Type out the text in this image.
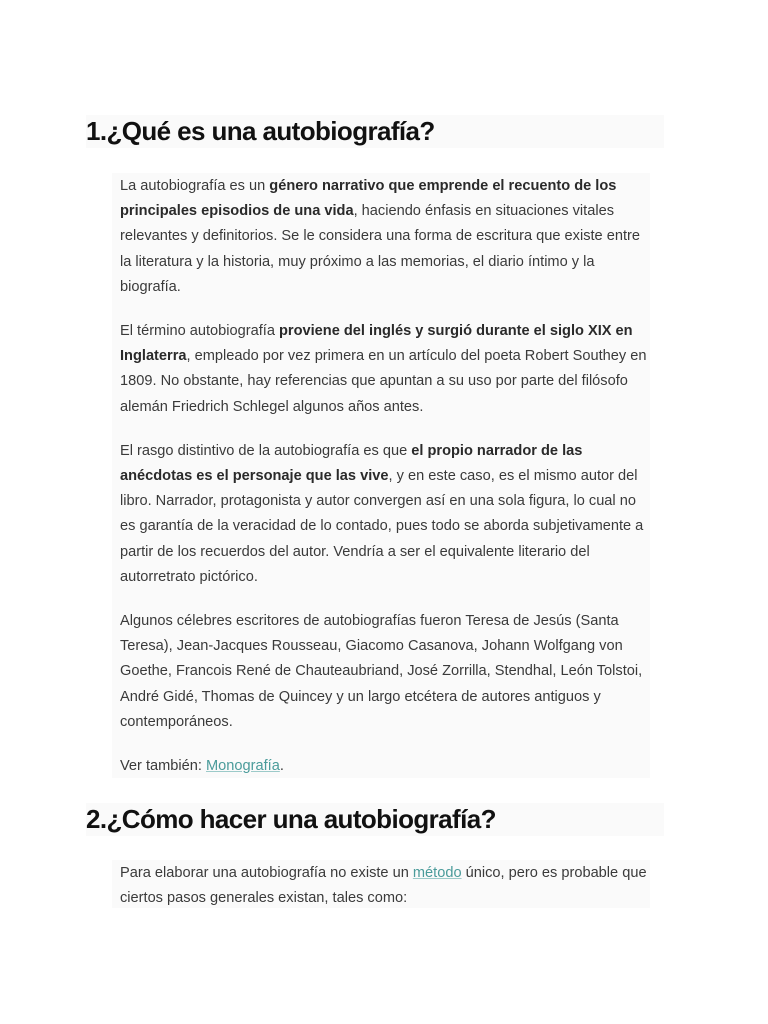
1.¿Qué es una autobiografía?

La autobiografía es un género narrativo que emprende el recuento de los principales episodios de una vida, haciendo énfasis en situaciones vitales relevantes y definitorios. Se le considera una forma de escritura que existe entre la literatura y la historia, muy próximo a las memorias, el diario íntimo y la biografía.

El término autobiografía proviene del inglés y surgió durante el siglo XIX en Inglaterra, empleado por vez primera en un artículo del poeta Robert Southey en 1809. No obstante, hay referencias que apuntan a su uso por parte del filósofo alemán Friedrich Schlegel algunos años antes.

El rasgo distintivo de la autobiografía es que el propio narrador de las anécdotas es el personaje que las vive, y en este caso, es el mismo autor del libro. Narrador, protagonista y autor convergen así en una sola figura, lo cual no es garantía de la veracidad de lo contado, pues todo se aborda subjetivamente a partir de los recuerdos del autor. Vendría a ser el equivalente literario del autorretrato pictórico.

Algunos célebres escritores de autobiografías fueron Teresa de Jesús (Santa Teresa), Jean-Jacques Rousseau, Giacomo Casanova, Johann Wolfgang von Goethe, Francois René de Chauteaubriand, José Zorrilla, Stendhal, León Tolstoi, André Gidé, Thomas de Quincey y un largo etcétera de autores antiguos y contemporáneos.

Ver también: Monografía.

2.¿Cómo hacer una autobiografía?

Para elaborar una autobiografía no existe un método único, pero es probable que ciertos pasos generales existan, tales como:
